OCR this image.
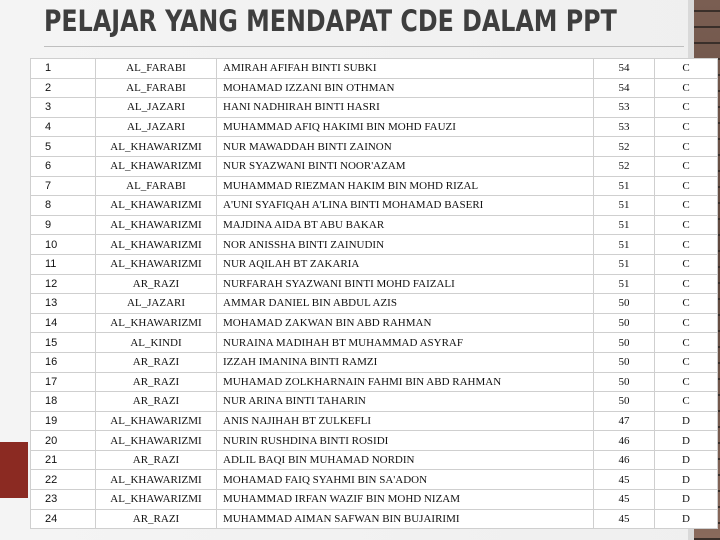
PELAJAR YANG MENDAPAT CDE DALAM PPT
1	AL_FARABI	AMIRAH AFIFAH BINTI SUBKI	54	C
2	AL_FARABI	MOHAMAD IZZANI BIN OTHMAN	54	C
3	AL_JAZARI	HANI NADHIRAH BINTI HASRI	53	C
4	AL_JAZARI	MUHAMMAD AFIQ HAKIMI BIN MOHD FAUZI	53	C
5	AL_KHAWARIZMI	NUR MAWADDAH BINTI ZAINON	52	C
6	AL_KHAWARIZMI	NUR SYAZWANI BINTI NOOR'AZAM	52	C
7	AL_FARABI	MUHAMMAD RIEZMAN HAKIM BIN MOHD RIZAL	51	C
8	AL_KHAWARIZMI	A'UNI SYAFIQAH A'LINA BINTI MOHAMAD BASERI	51	C
9	AL_KHAWARIZMI	MAJDINA AIDA BT ABU BAKAR	51	C
10	AL_KHAWARIZMI	NOR ANISSHA BINTI ZAINUDIN	51	C
11	AL_KHAWARIZMI	NUR AQILAH BT ZAKARIA	51	C
12	AR_RAZI	NURFARAH SYAZWANI BINTI MOHD FAIZALI	51	C
13	AL_JAZARI	AMMAR DANIEL BIN ABDUL AZIS	50	C
14	AL_KHAWARIZMI	MOHAMAD ZAKWAN BIN ABD RAHMAN	50	C
15	AL_KINDI	NURAINA MADIHAH BT MUHAMMAD ASYRAF	50	C
16	AR_RAZI	IZZAH IMANINA BINTI RAMZI	50	C
17	AR_RAZI	MUHAMAD ZOLKHARNAIN FAHMI BIN ABD RAHMAN	50	C
18	AR_RAZI	NUR ARINA BINTI TAHARIN	50	C
19	AL_KHAWARIZMI	ANIS NAJIHAH BT ZULKEFLI	47	D
20	AL_KHAWARIZMI	NURIN RUSHDINA BINTI ROSIDI	46	D
21	AR_RAZI	ADLIL BAQI BIN MUHAMAD NORDIN	46	D
22	AL_KHAWARIZMI	MOHAMAD FAIQ SYAHMI BIN SA'ADON	45	D
23	AL_KHAWARIZMI	MUHAMMAD IRFAN WAZIF BIN MOHD NIZAM	45	D
24	AR_RAZI	MUHAMMAD AIMAN SAFWAN BIN BUJAIRIMI	45	D
